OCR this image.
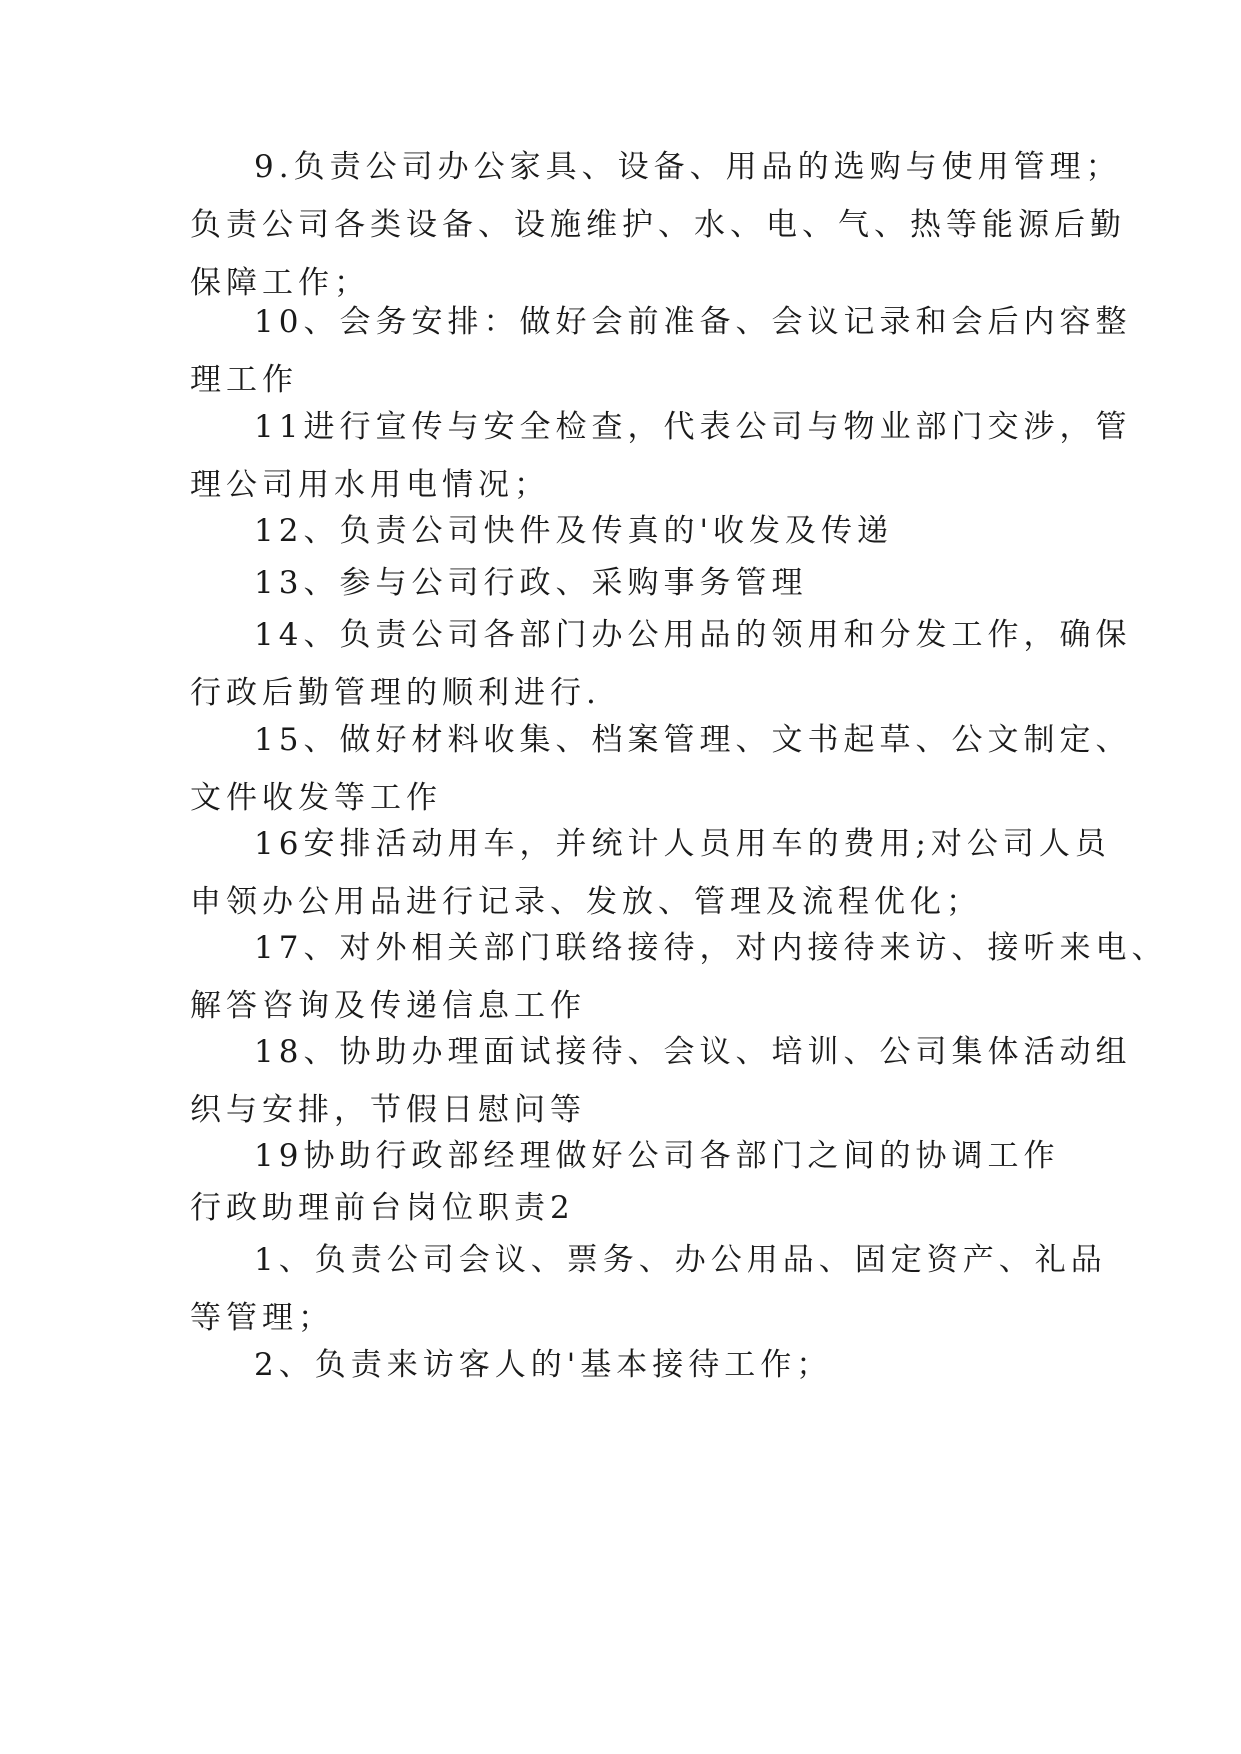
9.负责公司办公家具、设备、用品的选购与使用管理；
负责公司各类设备、设施维护、水、电、气、热等能源后勤
保障工作；
10、会务安排：做好会前准备、会议记录和会后内容整
理工作
11进行宣传与安全检查，代表公司与物业部门交涉，管
理公司用水用电情况；
12、负责公司快件及传真的'收发及传递
13、参与公司行政、采购事务管理
14、负责公司各部门办公用品的领用和分发工作，确保
行政后勤管理的顺利进行.
15、做好材料收集、档案管理、文书起草、公文制定、
文件收发等工作
16安排活动用车，并统计人员用车的费用;对公司人员
申领办公用品进行记录、发放、管理及流程优化；
17、对外相关部门联络接待，对内接待来访、接听来电、
解答咨询及传递信息工作
18、协助办理面试接待、会议、培训、公司集体活动组
织与安排，节假日慰问等
19协助行政部经理做好公司各部门之间的协调工作
行政助理前台岗位职责2
1、负责公司会议、票务、办公用品、固定资产、礼品
等管理；
2、负责来访客人的'基本接待工作；
